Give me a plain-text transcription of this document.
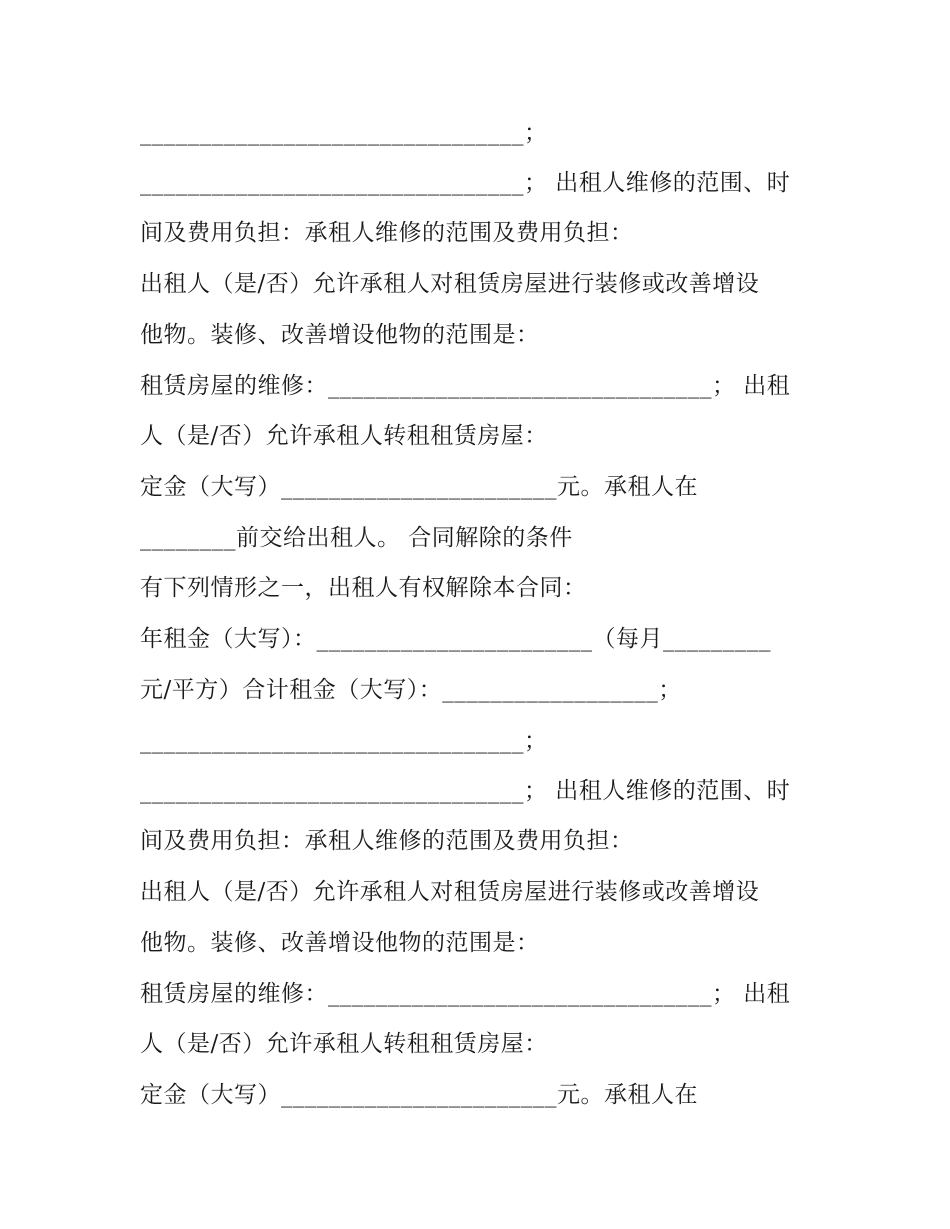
________________________________；
________________________________； 出租人维修的范围、时
间及费用负担：承租人维修的范围及费用负担：
出租人（是/否）允许承租人对租赁房屋进行装修或改善增设
他物。装修、改善增设他物的范围是：
租赁房屋的维修：________________________________； 出租
人（是/否）允许承租人转租租赁房屋：
定金（大写）_______________________元。承租人在
________前交给出租人。 合同解除的条件
有下列情形之一，出租人有权解除本合同：
年租金（大写）：_______________________（每月_________
元/平方）合计租金（大写）：__________________；
________________________________；
________________________________； 出租人维修的范围、时
间及费用负担：承租人维修的范围及费用负担：
出租人（是/否）允许承租人对租赁房屋进行装修或改善增设
他物。装修、改善增设他物的范围是：
租赁房屋的维修：________________________________； 出租
人（是/否）允许承租人转租租赁房屋：
定金（大写）_______________________元。承租人在
